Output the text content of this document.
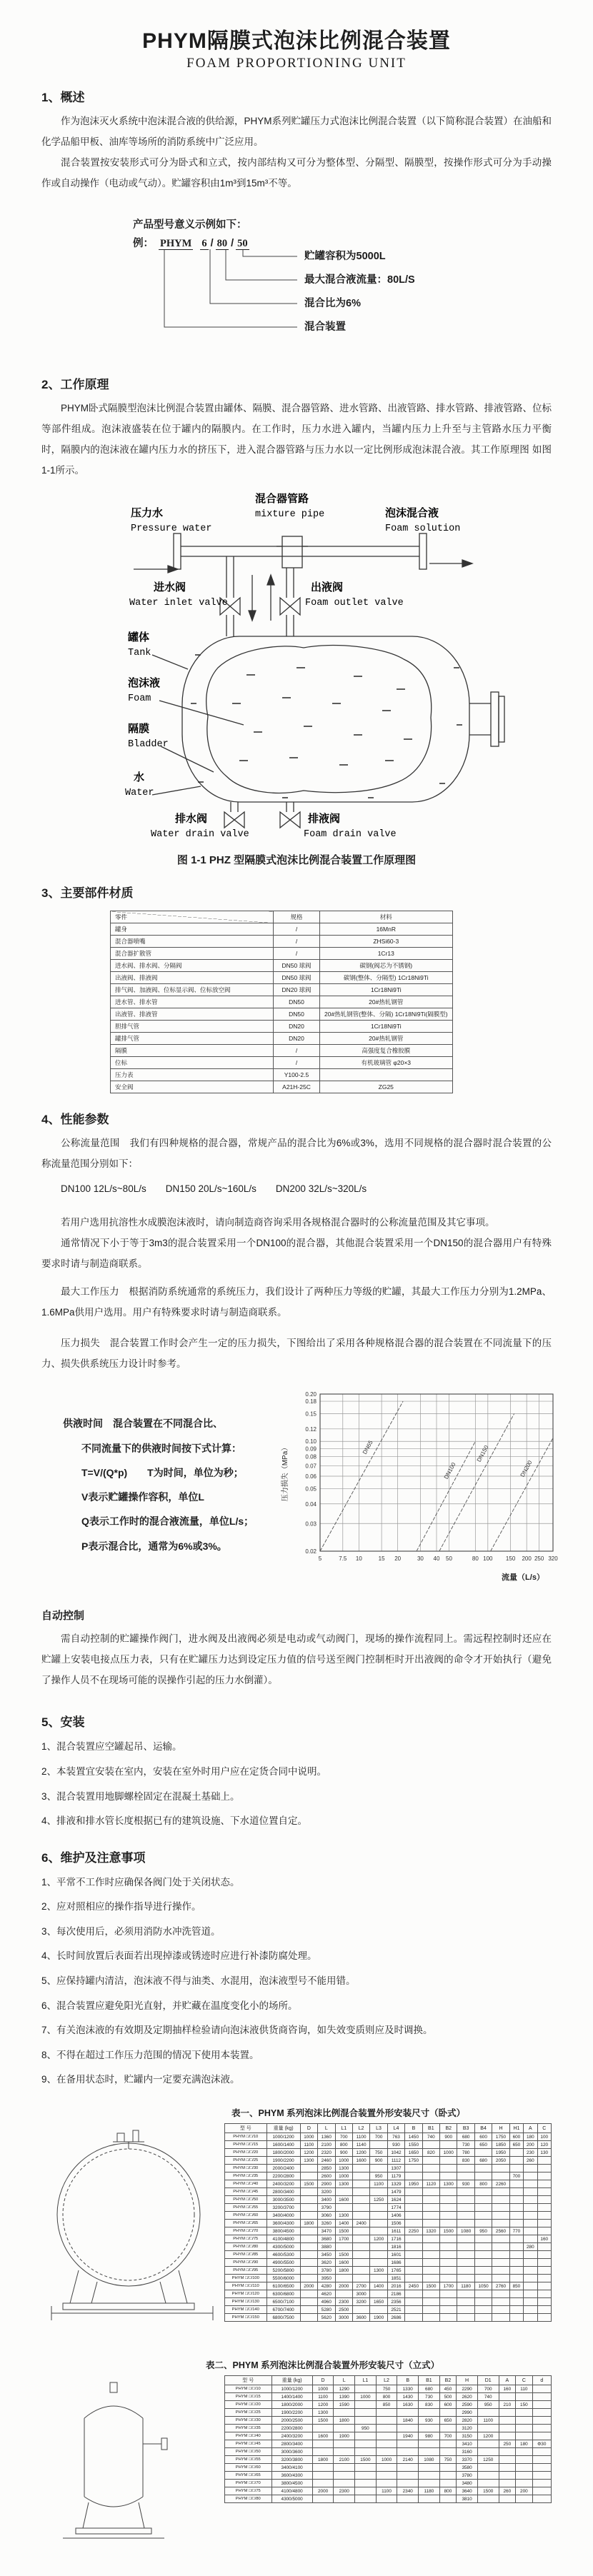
PHYM隔膜式泡沫比例混合装置
FOAM PROPORTIONING UNIT
1、概述

作为泡沫灭火系统中泡沫混合液的供给源，PHYM系列贮罐压力式泡沫比例混合装置（以下简称混合装置）在油船和化学品船甲板、油库等场所的消防系统中广泛应用。

混合装置按安装形式可分为卧式和立式，按内部结构又可分为整体型、分隔型、隔膜型，按操作形式可分为手动操作或自动操作（电动或气动）。贮罐容积由1m³到15m³不等。

产品型号意义示例如下：
例： PHYM 6 / 80 / 50
贮罐容积为5000L
最大混合液流量：80L/S
混合比为6%
混合装置
2、工作原理

PHYM卧式隔膜型泡沫比例混合装置由罐体、隔膜、混合器管路、进水管路、出液管路、排水管路、排液管路、位标等部件组成。泡沫液盛装在位于罐内的隔膜内。在工作时，压力水进入罐内，当罐内压力上升至与主管路水压力平衡时，隔膜内的泡沫液在罐内压力水的挤压下，进入混合器管路与压力水以一定比例形成泡沫混合液。其工作原理图 如图1-1所示。

压力水
Pressure water
混合器管路
mixture pipe	泡沫混合液
Foam solution
进水阀
Water inlet valve
出液阀
Foam outlet valve
罐体
Tank
泡沫液
Foam
隔膜
Bladder
水
Water
排水阀
Water drain valve
排液阀
Foam drain valve
图 1-1 PHZ 型隔膜式泡沫比例混合装置工作原理图
3、主要部件材质
零件	规格	材料
罐身	/	16MnR
混合器喷嘴	/	ZHSi60-3
混合器扩散管	/	1Cr13
进水阀、排水阀、分隔阀	DN50 球阀	碳钢(阀芯为不锈钢)
出液阀、排液阀	DN50 球阀	碳钢(整体、分隔型) 1Cr18Ni9Ti
排气阀、加液阀、位标显示阀、位标放空阀	DN20 球阀	1Cr18Ni9Ti
进水管、排水管	DN50	20#热轧钢管
出液管、排液管	DN50	20#热轧钢管(整体、分隔) 1Cr18Ni9Ti(隔膜型)
胆排气管	DN20	1Cr18Ni9Ti
罐排气管	DN20	20#热轧钢管
隔膜	/	高强度复合橡胶膜
位标	/	有机玻璃管 φ20×3
压力表	Y100-2.5	
安全阀	A21H-25C	ZG25
4、性能参数

公称流量范围　我们有四种规格的混合器，常规产品的混合比为6%或3%，选用不同规格的混合器时混合装置的公称流量范围分别如下：

DN100 12L/s~80L/s　　DN150 20L/s~160L/s　　DN200 32L/s~320L/s

若用户选用抗溶性水成膜泡沫液时，请向制造商咨询采用各规格混合器时的公称流量范围及其它事项。

通常情况下小于等于3m3的混合装置采用一个DN100的混合器，其他混合装置采用一个DN150的混合器用户有特殊要求时请与制造商联系。

最大工作压力　根据消防系统通常的系统压力，我们设计了两种压力等级的贮罐，其最大工作压力分别为1.2MPa、1.6MPa供用户选用。用户有特殊要求时请与制造商联系。

压力损失　混合装置工作时会产生一定的压力损失，下图给出了采用各种规格混合器的混合装置在不同流量下的压力、损失供系统压力设计时参考。

供液时间　混合装置在不同混合比、
不同流量下的供液时间按下式计算：
T=V/(Q*p)　　T为时间，单位为秒；
V表示贮罐操作容积，单位L
Q表示工作时的混合液流量，单位L/s；
P表示混合比，通常为6%或3%。
5	7.5 10	15 20	30 40 50	80 100 150 200 250 320
0.02
0.03
0.04
0.05
0.06
0.07
0.08
0.09
0.10
0.12
0.15
0.18
0.20
DN65
DN100
DN150
DN200
压力损失（MPa）
流量（L/s）
自动控制

需自动控制的贮罐操作阀门，进水阀及出液阀必须是电动或气动阀门，现场的操作流程同上。需远程控制时还应在贮罐上安装电接点压力表，只有在贮罐压力达到设定压力值的信号送至阀门控制柜时开出液阀的命令才开始执行（避免了操作人员不在现场可能的误操作引起的压力水倒灌）。

5、安装
1、混合装置应空罐起吊、运输。
2、本装置宜安装在室内，安装在室外时用户应在定货合同中说明。
3、混合装置用地脚螺栓固定在混凝土基础上。
4、排液和排水管长度根据已有的建筑设施、下水道位置自定。
6、维护及注意事项
1、平常不工作时应确保各阀门处于关闭状态。
2、应对照相应的操作指导进行操作。
3、每次使用后，必须用消防水冲洗管道。
4、长时间放置后表面若出现掉漆或锈迹时应进行补漆防腐处理。
5、应保持罐内清洁，泡沫液不得与油类、水混用，泡沫液型号不能用错。
6、混合装置应避免阳光直射，并贮藏在温度变化小的场所。
7、有关泡沫液的有效期及定期抽样检验请向泡沫液供货商咨询，如失效变质则应及时调换。
8、不得在超过工作压力范围的情况下使用本装置。
9、在备用状态时，贮罐内一定要充满泡沫液。
表一、PHYM 系列泡沫比例混合装置外形安装尺寸（卧式）
型 号	重量 (kg)	D	L	L1	L2	L3	L4	B	B1	B2	B3	B4	H	H1	A	C
PHYM □/□/10	1000/1200	1000	1360	700	1100	700	763	1450	740	900	680	600	1750	600	180	100
PHYM □/□/15	1600/1400	1100	2100	800	1140		930	1550			730	650	1850	650	200	120
PHYM □/□/20	1800/2000	1200	2320	900	1200	750	1042	1650	820	1000	780		1950		230	130
PHYM □/□/25	1900/2200	1300	2460	1000	1600	900	1112	1750			830	680	2050		260	
PHYM □/□/30	2000/2400		2850	1300			1307									
PHYM □/□/35	2200/2800		2600	1000		950	1179							700		
PHYM □/□/40	2400/3200	1500	2900	1300		1100	1329	1950	1120	1300	930	800	2260			
PHYM □/□/45	2800/3400		3200				1479									
PHYM □/□/50	3000/3500		3400	1600		1250	1624									
PHYM □/□/55	3200/3700		3790				1774									
PHYM □/□/60	3400/4000		3060	1300			1406									
PHYM □/□/65	3600/4300	1800	3260	1400	2400		1506									
PHYM □/□/70	3800/4500		3470	1500			1611	2250	1320	1500	1080	950	2560	770		
PHYM □/□/75	4100/4800		3680	1700		1200	1716									160
PHYM □/□/80	4300/5000		3880				1816								280	
PHYM □/□/85	4600/5300		3450	1500			1601									
PHYM □/□/90	4900/5500		3620	1600			1686									
PHYM □/□/95	5200/5800		3780	1800		1300	1765									
PHYM □/□/100	5500/6000		3950				1851									
PHYM □/□/110	6100/6500	2000	4280	2000	2700	1400	2016	2450	1500	1700	1180	1050	2760	850		
PHYM □/□/120	6300/6800		4620		3000		2186									
PHYM □/□/130	6500/7100		4960	2300	3200	1650	2356									
PHYM □/□/140	6700/7400		5280	2500			2521									
PHYM □/□/150	6800/7500		5620	3000	3600	1900	2686									
表二、PHYM 系列泡沫比例混合装置外形安装尺寸（立式）
型 号	重量 (kg)	D	L	L1	L2	B	B1	B2	H	D1	A	C	d
PHYM □/□/10	1000/1200	1000	1290		750	1330	680	450	2290	700	160	110	
PHYM □/□/15	1400/1400	1100	1390	1000	800	1430	730	500	2620	740			
PHYM □/□/20	1800/2000	1200	1590		850	1630	830	600	2590	950	210	150	
PHYM □/□/25	1900/2200	1300							2990				
PHYM □/□/30	2000/2500	1500	1800			1840	930	650	2820	1100			
PHYM □/□/35	2200/2800			950					3120				
PHYM □/□/40	2400/3200	1600	1900			1940	980	700	3150	1200			
PHYM □/□/45	2800/3400								3410		250	180	Φ30
PHYM □/□/50	3000/3600								3160				
PHYM □/□/55	3200/3800	1800	2100	1500	1000	2140	1080	750	3370	1250			
PHYM □/□/60	3400/4100								3580				
PHYM □/□/65	3600/4300								3780				
PHYM □/□/70	3800/4500								3480				
PHYM □/□/75	4100/4800	2000	2300		1100	2340	1180	800	3640	1500	260	200	
PHYM □/□/80	4300/5000								3810				
